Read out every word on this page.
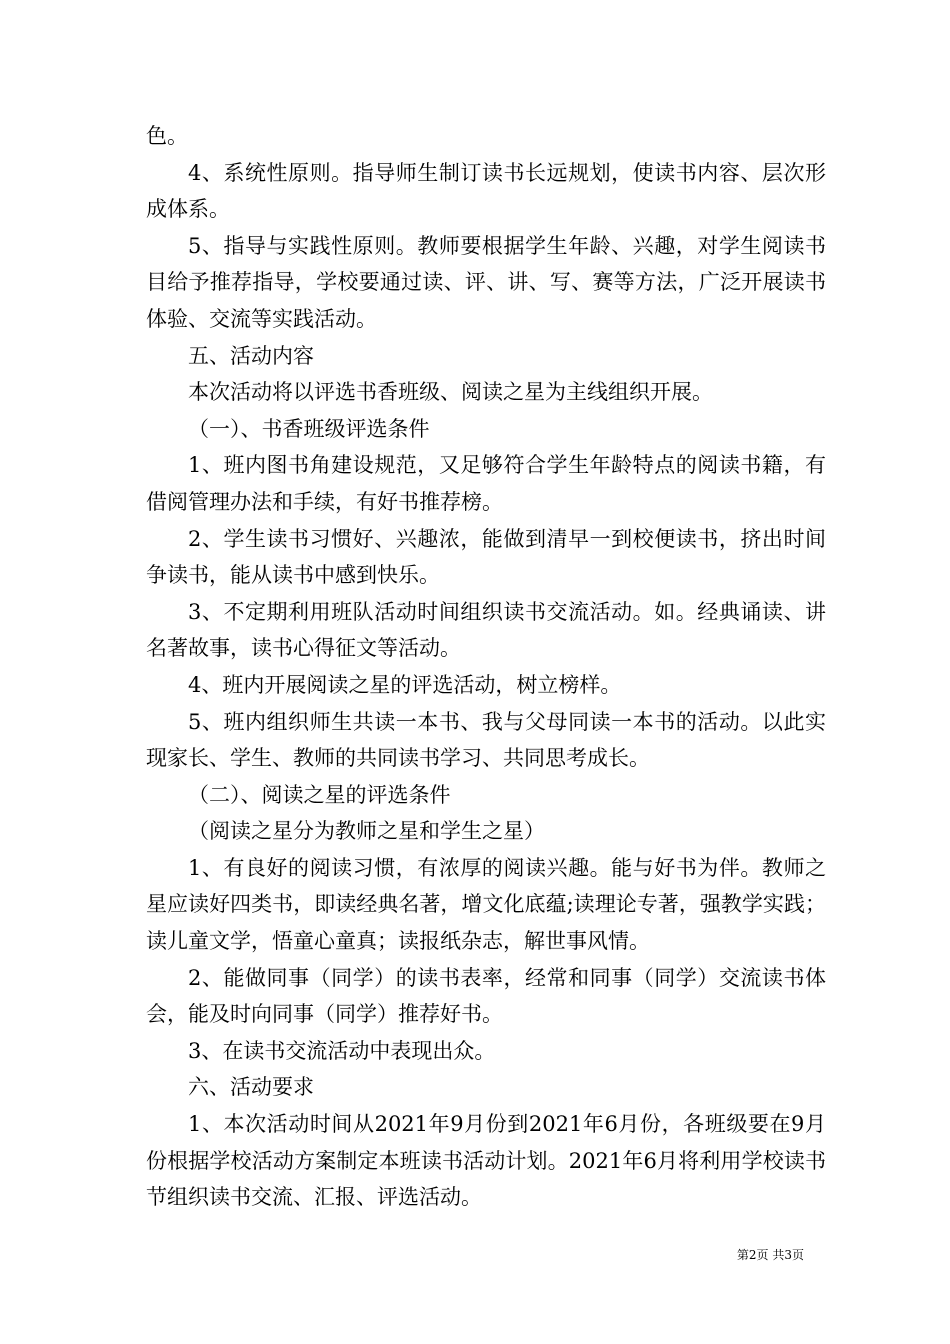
色。

4、系统性原则。指导师生制订读书长远规划，使读书内容、层次形成体系。

5、指导与实践性原则。教师要根据学生年龄、兴趣，对学生阅读书目给予推荐指导，学校要通过读、评、讲、写、赛等方法，广泛开展读书体验、交流等实践活动。

五、活动内容

本次活动将以评选书香班级、阅读之星为主线组织开展。

（一）、书香班级评选条件

1、班内图书角建设规范，又足够符合学生年龄特点的阅读书籍，有借阅管理办法和手续，有好书推荐榜。

2、学生读书习惯好、兴趣浓，能做到清早一到校便读书，挤出时间争读书，能从读书中感到快乐。

3、不定期利用班队活动时间组织读书交流活动。如。经典诵读、讲名著故事，读书心得征文等活动。

4、班内开展阅读之星的评选活动，树立榜样。

5、班内组织师生共读一本书、我与父母同读一本书的活动。以此实现家长、学生、教师的共同读书学习、共同思考成长。

（二）、阅读之星的评选条件

（阅读之星分为教师之星和学生之星）

1、有良好的阅读习惯，有浓厚的阅读兴趣。能与好书为伴。教师之星应读好四类书，即读经典名著，增文化底蕴;读理论专著，强教学实践；读儿童文学，悟童心童真；读报纸杂志，解世事风情。

2、能做同事（同学）的读书表率，经常和同事（同学）交流读书体会，能及时向同事（同学）推荐好书。

3、在读书交流活动中表现出众。

六、活动要求

1、本次活动时间从2021年9月份到2021年6月份，各班级要在9月份根据学校活动方案制定本班读书活动计划。2021年6月将利用学校读书节组织读书交流、汇报、评选活动。

第2页 共3页
